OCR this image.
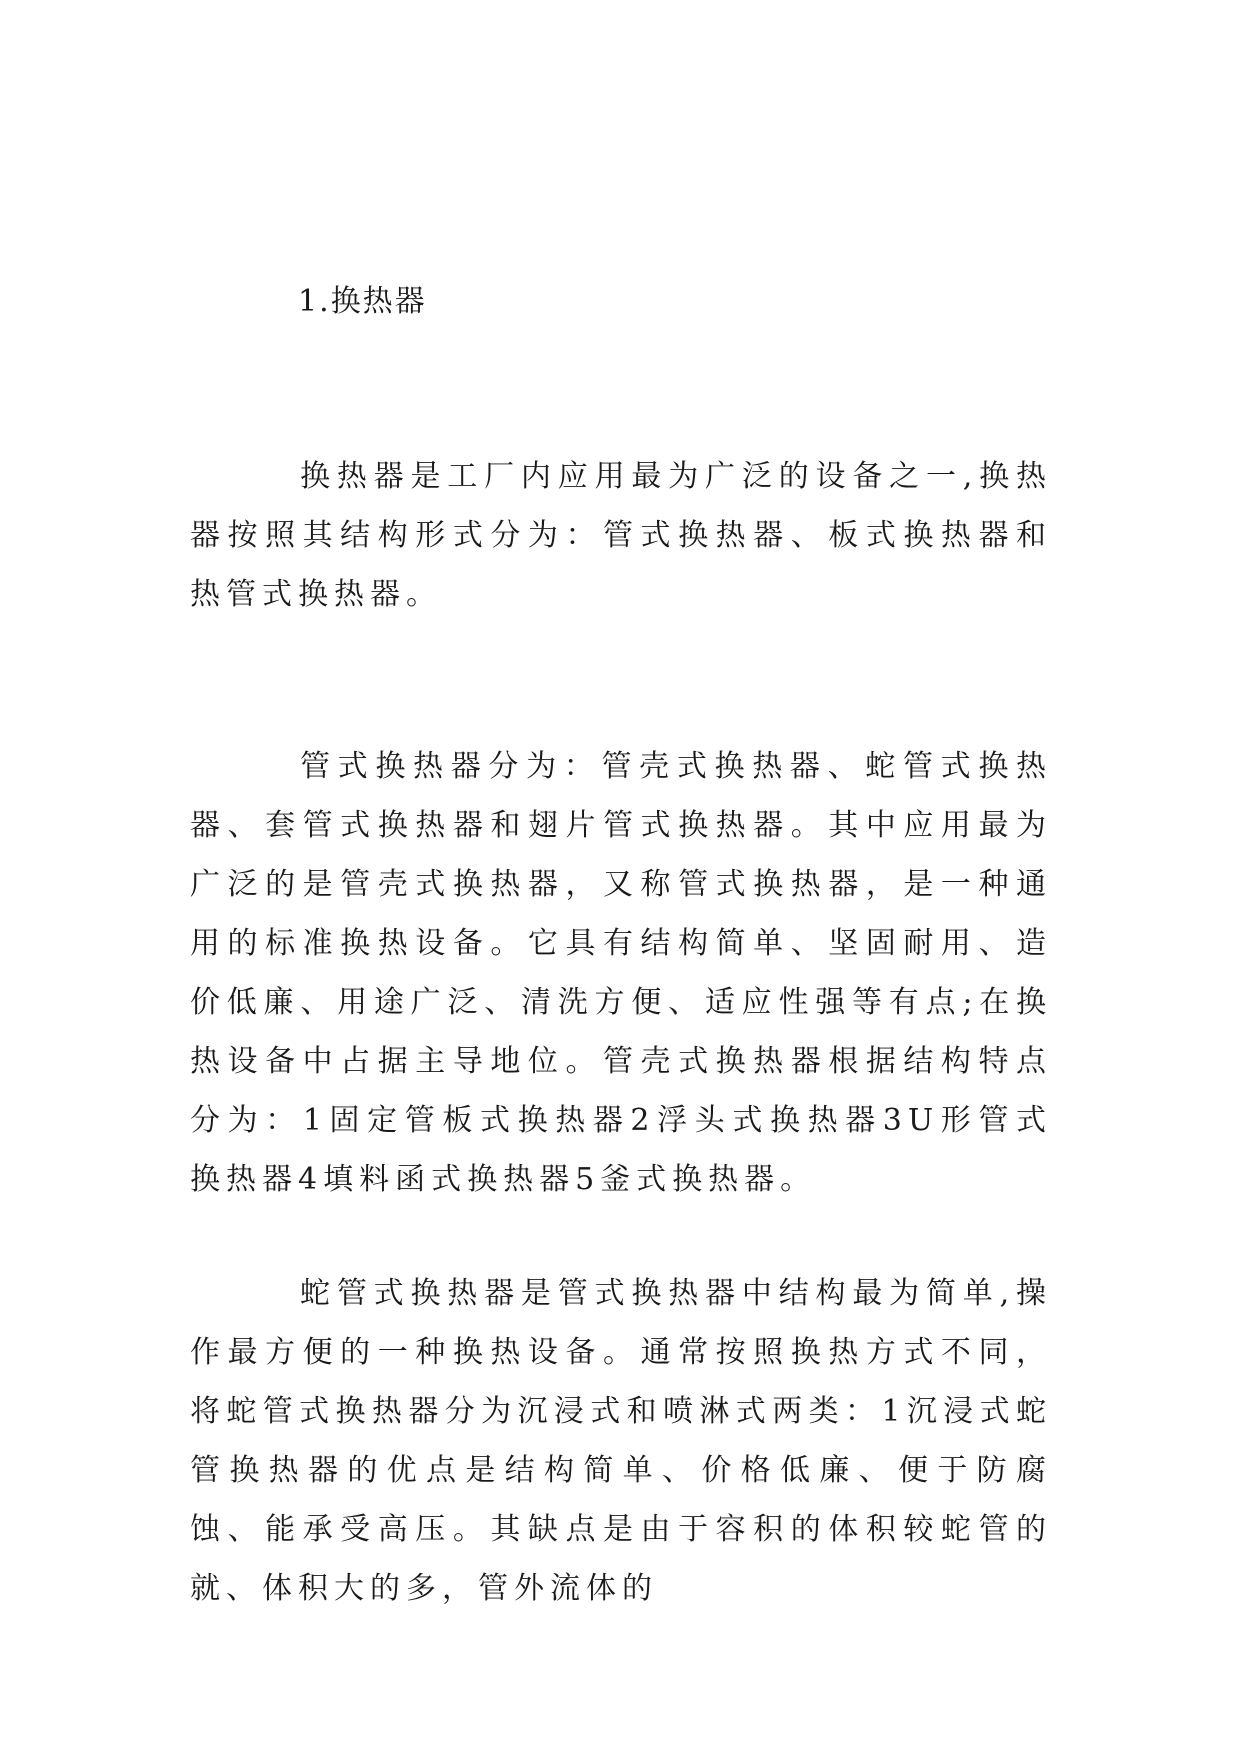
1.换热器

换热器是工厂内应用最为广泛的设备之一,换热器按照其结构形式分为：管式换热器、板式换热器和热管式换热器。

管式换热器分为：管壳式换热器、蛇管式换热器、套管式换热器和翅片管式换热器。其中应用最为广泛的是管壳式换热器，又称管式换热器，是一种通用的标准换热设备。它具有结构简单、坚固耐用、造价低廉、用途广泛、清洗方便、适应性强等有点;在换热设备中占据主导地位。管壳式换热器根据结构特点分为：1固定管板式换热器2浮头式换热器3U形管式换热器4填料函式换热器5釜式换热器。

蛇管式换热器是管式换热器中结构最为简单,操作最方便的一种换热设备。通常按照换热方式不同，将蛇管式换热器分为沉浸式和喷淋式两类：1沉浸式蛇管换热器的优点是结构简单、价格低廉、便于防腐蚀、能承受高压。其缺点是由于容积的体积较蛇管的就、体积大的多，管外流体的
